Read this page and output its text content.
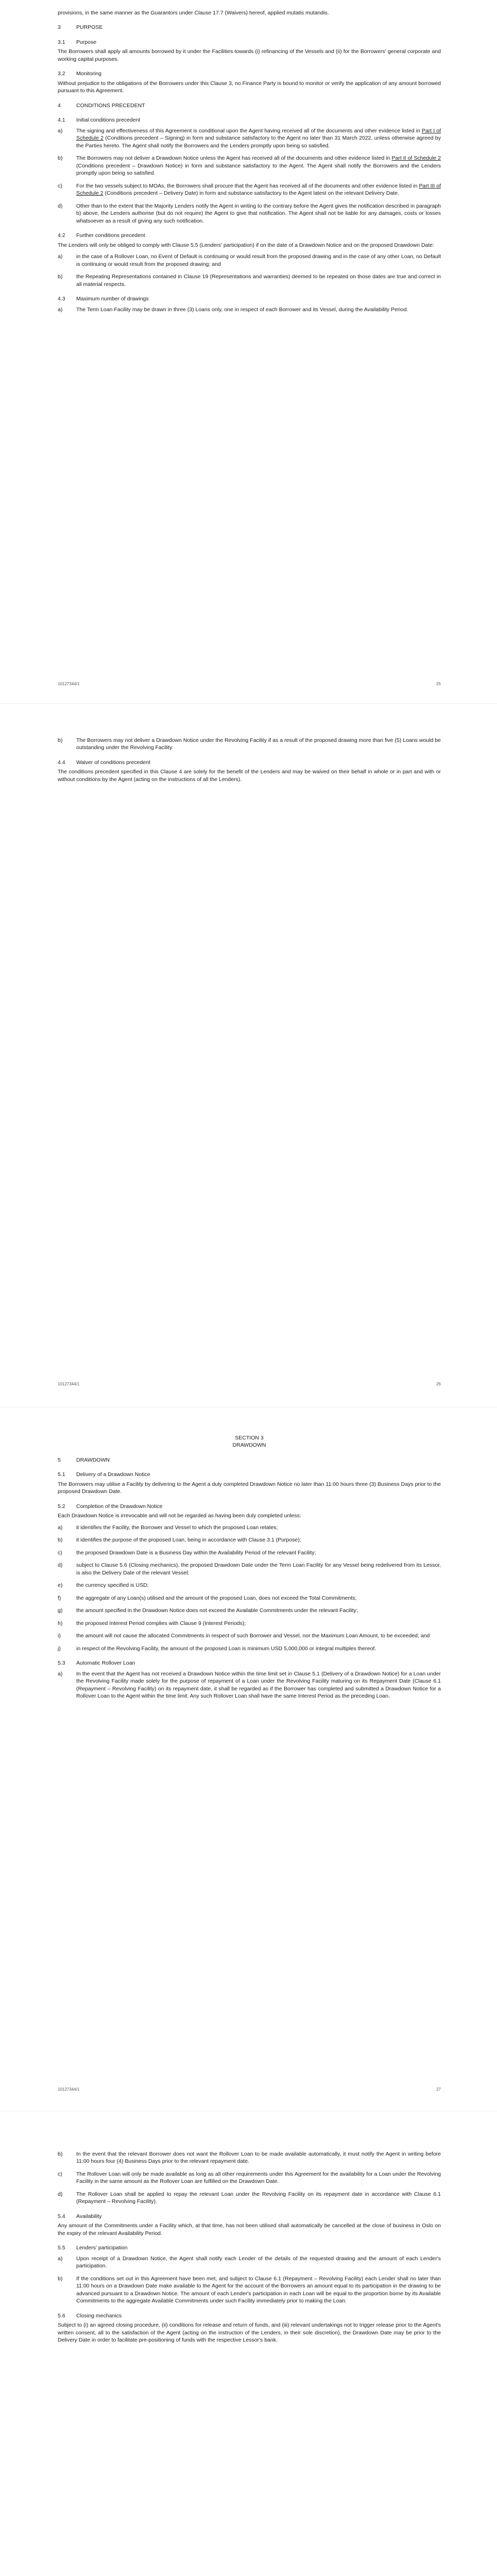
provisions, in the same manner as the Guarantors under Clause 17.7 (Waivers) hereof, applied mutatis mutandis.

3	PURPOSE
3.1	Purpose

The Borrowers shall apply all amounts borrowed by it under the Facilities towards (i) refinancing of the Vessels and (ii) for the Borrowers' general corporate and working capital purposes.

3.2	Monitoring

Without prejudice to the obligations of the Borrowers under this Clause 3, no Finance Party is bound to monitor or verify the application of any amount borrowed pursuant to this Agreement.

4	CONDITIONS PRECEDENT
4.1	Initial conditions precedent
a)	The signing and effectiveness of this Agreement is conditional upon the Agent having received all of the documents and other evidence listed in Part I of Schedule 2 (Conditions precedent – Signing) in form and substance satisfactory to the Agent no later than 31 March 2022, unless otherwise agreed by the Parties hereto. The Agent shall notify the Borrowers and the Lenders promptly upon being so satisfied.
b)	The Borrowers may not deliver a Drawdown Notice unless the Agent has received all of the documents and other evidence listed in Part II of Schedule 2 (Conditions precedent – Drawdown Notice) in form and substance satisfactory to the Agent. The Agent shall notify the Borrowers and the Lenders promptly upon being so satisfied.
c)	For the two vessels subject to MOAs, the Borrowers shall procure that the Agent has received all of the documents and other evidence listed in Part III of Schedule 2 (Conditions precedent – Delivery Date) in form and substance satisfactory to the Agent latest on the relevant Delivery Date.
d)	Other than to the extent that the Majority Lenders notify the Agent in writing to the contrary before the Agent gives the notification described in paragraph b) above, the Lenders authorise (but do not require) the Agent to give that notification. The Agent shall not be liable for any damages, costs or losses whatsoever as a result of giving any such notification.
4.2	Further conditions precedent

The Lenders will only be obliged to comply with Clause 5.5 (Lenders' participation) if on the date of a Drawdown Notice and on the proposed Drawdown Date:

a)	in the case of a Rollover Loan, no Event of Default is continuing or would result from the proposed drawing and in the case of any other Loan, no Default is continuing or would result from the proposed drawing; and
b)	the Repeating Representations contained in Clause 19 (Representations and warranties) deemed to be repeated on those dates are true and correct in all material respects.
4.3	Maximum number of drawings
a)	The Term Loan Facility may be drawn in three (3) Loans only, one in respect of each Borrower and its Vessel, during the Availability Period.
10127344/1	25
b)	The Borrowers may not deliver a Drawdown Notice under the Revolving Facility if as a result of the proposed drawing more than five (5) Loans would be outstanding under the Revolving Facility.
4.4	Waiver of conditions precedent

The conditions precedent specified in this Clause 4 are solely for the benefit of the Lenders and may be waived on their behalf in whole or in part and with or without conditions by the Agent (acting on the instructions of all the Lenders).

10127344/1	26
SECTION 3
DRAWDOWN
5	DRAWDOWN
5.1	Delivery of a Drawdown Notice

The Borrowers may utilise a Facility by delivering to the Agent a duly completed Drawdown Notice no later than 11:00 hours three (3) Business Days prior to the proposed Drawdown Date.

5.2	Completion of the Drawdown Notice

Each Drawdown Notice is irrevocable and will not be regarded as having been duly completed unless:

a)	it identifies the Facility, the Borrower and Vessel to which the proposed Loan relates;
b)	it identifies the purpose of the proposed Loan, being in accordance with Clause 3.1 (Purpose);
c)	the proposed Drawdown Date is a Business Day within the Availability Period of the relevant Facility;
d)	subject to Clause 5.6 (Closing mechanics), the proposed Drawdown Date under the Term Loan Facility for any Vessel being redelivered from its Lessor, is also the Delivery Date of the relevant Vessel;
e)	the currency specified is USD;
f)	the aggregate of any Loan(s) utilised and the amount of the proposed Loan, does not exceed the Total Commitments;
g)	the amount specified in the Drawdown Notice does not exceed the Available Commitments under the relevant Facility;
h)	the proposed Interest Period complies with Clause 9 (Interest Periods);
i)	the amount will not cause the allocated Commitments in respect of such Borrower and Vessel, nor the Maximum Loan Amount, to be exceeded; and
j)	in respect of the Revolving Facility, the amount of the proposed Loan is minimum USD 5,000,000 or integral multiples thereof.
5.3	Automatic Rollover Loan
a)	In the event that the Agent has not received a Drawdown Notice within the time limit set in Clause 5.1 (Delivery of a Drawdown Notice) for a Loan under the Revolving Facility made solely for the purpose of repayment of a Loan under the Revolving Facility maturing on its Repayment Date (Clause 6.1 (Repayment – Revolving Facility) on its repayment date, it shall be regarded as if the Borrower has completed and submitted a Drawdown Notice for a Rollover Loan to the Agent within the time limit. Any such Rollover Loan shall have the same Interest Period as the preceding Loan.
10127344/1	27
b)	In the event that the relevant Borrower does not want the Rollover Loan to be made available automatically, it must notify the Agent in writing before 11:00 hours four (4) Business Days prior to the relevant repayment date.
c)	The Rollover Loan will only be made available as long as all other requirements under this Agreement for the availability for a Loan under the Revolving Facility in the same amount as the Rollover Loan are fulfilled on the Drawdown Date.
d)	The Rollover Loan shall be applied to repay the relevant Loan under the Revolving Facility on its repayment date in accordance with Clause 6.1 (Repayment – Revolving Facility).
5.4	Availability

Any amount of the Commitments under a Facility which, at that time, has not been utilised shall automatically be cancelled at the close of business in Oslo on the expiry of the relevant Availability Period.

5.5	Lenders' participation
a)	Upon receipt of a Drawdown Notice, the Agent shall notify each Lender of the details of the requested drawing and the amount of each Lender's participation.
b)	If the conditions set out in this Agreement have been met, and subject to Clause 6.1 (Repayment – Revolving Facility) each Lender shall no later than 11:00 hours on a Drawdown Date make available to the Agent for the account of the Borrowers an amount equal to its participation in the drawing to be advanced pursuant to a Drawdown Notice. The amount of each Lender's participation in each Loan will be equal to the proportion borne by its Available Commitments to the aggregate Available Commitments under such Facility immediately prior to making the Loan.
5.6	Closing mechanics

Subject to (i) an agreed closing procedure, (ii) conditions for release and return of funds, and (iii) relevant undertakings not to trigger release prior to the Agent's written consent, all to the satisfaction of the Agent (acting on the instruction of the Lenders, in their sole discretion), the Drawdown Date may be prior to the Delivery Date in order to facilitate pre-positioning of funds with the respective Lessor's bank.
